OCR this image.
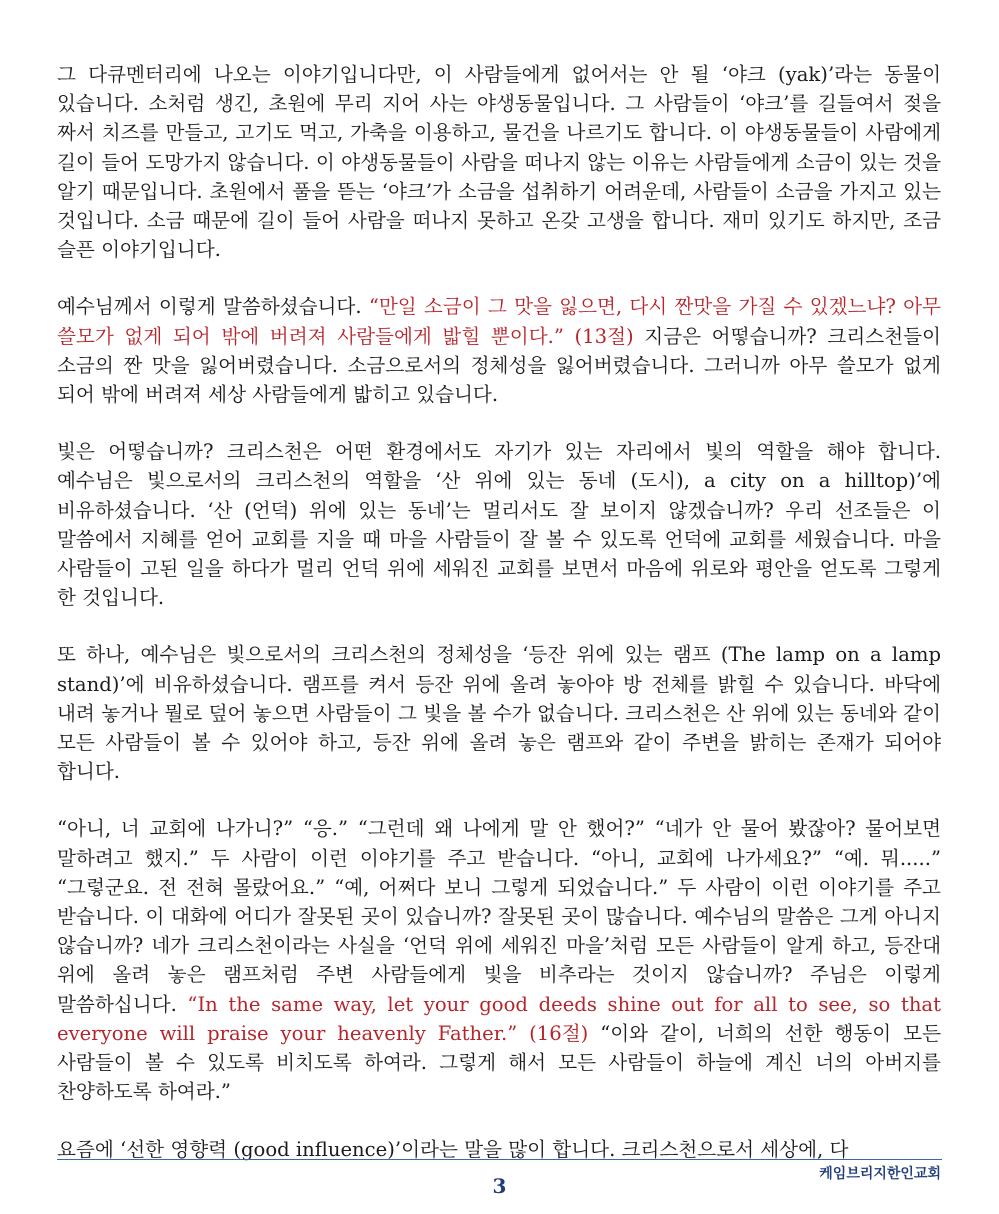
그 다큐멘터리에 나오는 이야기입니다만, 이 사람들에게 없어서는 안 될 ‘야크 (yak)’라는 동물이 있습니다. 소처럼 생긴, 초원에 무리 지어 사는 야생동물입니다. 그 사람들이 ‘야크’를 길들여서 젖을 짜서 치즈를 만들고, 고기도 먹고, 가축을 이용하고, 물건을 나르기도 합니다. 이 야생동물들이 사람에게 길이 들어 도망가지 않습니다. 이 야생동물들이 사람을 떠나지 않는 이유는 사람들에게 소금이 있는 것을 알기 때문입니다. 초원에서 풀을 뜯는 ‘야크’가 소금을 섭취하기 어려운데, 사람들이 소금을 가지고 있는 것입니다. 소금 때문에 길이 들어 사람을 떠나지 못하고 온갖 고생을 합니다. 재미 있기도 하지만, 조금 슬픈 이야기입니다.

예수님께서 이렇게 말씀하셨습니다. “만일 소금이 그 맛을 잃으면, 다시 짠맛을 가질 수 있겠느냐? 아무 쓸모가 없게 되어 밖에 버려져 사람들에게 밟힐 뿐이다.” (13절) 지금은 어떻습니까? 크리스천들이 소금의 짠 맛을 잃어버렸습니다. 소금으로서의 정체성을 잃어버렸습니다. 그러니까 아무 쓸모가 없게 되어 밖에 버려져 세상 사람들에게 밟히고 있습니다.

빛은 어떻습니까? 크리스천은 어떤 환경에서도 자기가 있는 자리에서 빛의 역할을 해야 합니다. 예수님은 빛으로서의 크리스천의 역할을 ‘산 위에 있는 동네 (도시), a city on a hilltop)’에 비유하셨습니다. ‘산 (언덕) 위에 있는 동네’는 멀리서도 잘 보이지 않겠습니까? 우리 선조들은 이 말씀에서 지혜를 얻어 교회를 지을 때 마을 사람들이 잘 볼 수 있도록 언덕에 교회를 세웠습니다. 마을 사람들이 고된 일을 하다가 멀리 언덕 위에 세워진 교회를 보면서 마음에 위로와 평안을 얻도록 그렇게 한 것입니다.

또 하나, 예수님은 빛으로서의 크리스천의 정체성을 ‘등잔 위에 있는 램프 (The lamp on a lamp stand)’에 비유하셨습니다. 램프를 켜서 등잔 위에 올려 놓아야 방 전체를 밝힐 수 있습니다. 바닥에 내려 놓거나 뭘로 덮어 놓으면 사람들이 그 빛을 볼 수가 없습니다. 크리스천은 산 위에 있는 동네와 같이 모든 사람들이 볼 수 있어야 하고, 등잔 위에 올려 놓은 램프와 같이 주변을 밝히는 존재가 되어야 합니다.

“아니, 너 교회에 나가니?” “응.” “그런데 왜 나에게 말 안 했어?” “네가 안 물어 봤잖아? 물어보면 말하려고 했지.” 두 사람이 이런 이야기를 주고 받습니다. “아니, 교회에 나가세요?” “예. 뭐.....” “그렇군요. 전 전혀 몰랐어요.” “예, 어쩌다 보니 그렇게 되었습니다.” 두 사람이 이런 이야기를 주고 받습니다. 이 대화에 어디가 잘못된 곳이 있습니까? 잘못된 곳이 많습니다. 예수님의 말씀은 그게 아니지 않습니까? 네가 크리스천이라는 사실을 ‘언덕 위에 세워진 마을’처럼 모든 사람들이 알게 하고, 등잔대 위에 올려 놓은 램프처럼 주변 사람들에게 빛을 비추라는 것이지 않습니까? 주님은 이렇게 말씀하십니다. “In the same way, let your good deeds shine out for all to see, so that everyone will praise your heavenly Father.” (16절) “이와 같이, 너희의 선한 행동이 모든 사람들이 볼 수 있도록 비치도록 하여라. 그렇게 해서 모든 사람들이 하늘에 계신 너의 아버지를 찬양하도록 하여라.”

요즘에 ‘선한 영향력 (good influence)’이라는 말을 많이 합니다. 크리스천으로서 세상에, 다

케임브리지한인교회
3
